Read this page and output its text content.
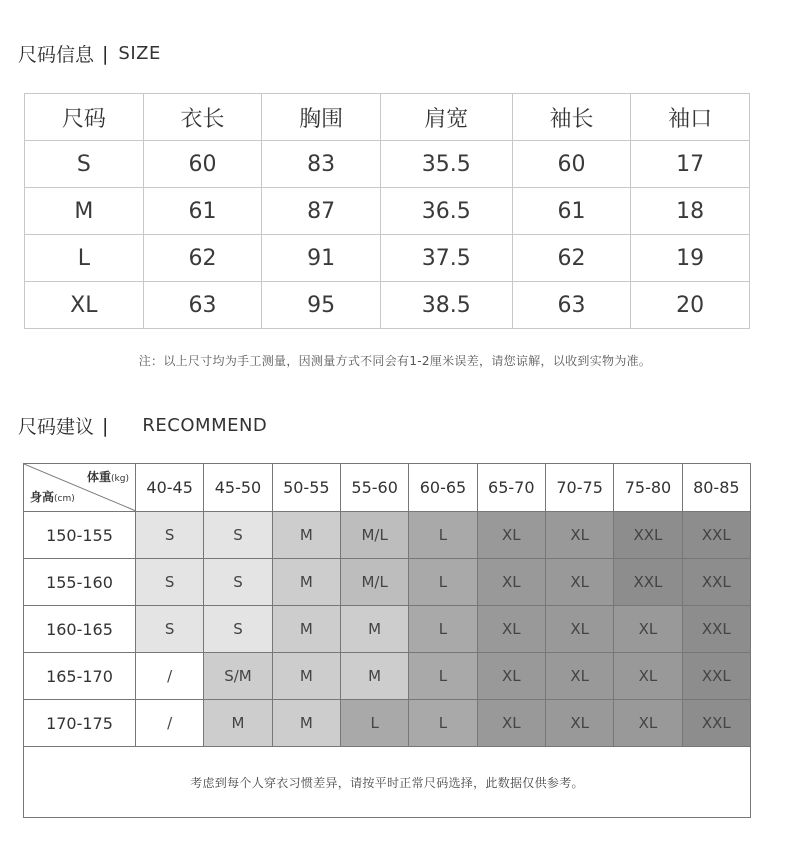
尺码信息 | SIZE
尺码	衣长	胸围	肩宽	袖长	袖口
S	60	83	35.5	60	17
M	61	87	36.5	61	18
L	62	91	37.5	62	19
XL	63	95	38.5	63	20
注：以上尺寸均为手工测量，因测量方式不同会有1-2厘米误差，请您谅解，以收到实物为准。
尺码建议 | RECOMMEND
体重(kg)
身高(cm)	40-45	45-50	50-55	55-60	60-65	65-70	70-75	75-80	80-85
150-155	S	S	M	M/L	L	XL	XL	XXL	XXL
155-160	S	S	M	M/L	L	XL	XL	XXL	XXL
160-165	S	S	M	M	L	XL	XL	XL	XXL
165-170	/	S/M	M	M	L	XL	XL	XL	XXL
170-175	/	M	M	L	L	XL	XL	XL	XXL
考虑到每个人穿衣习惯差异，请按平时正常尺码选择，此数据仅供参考。									
